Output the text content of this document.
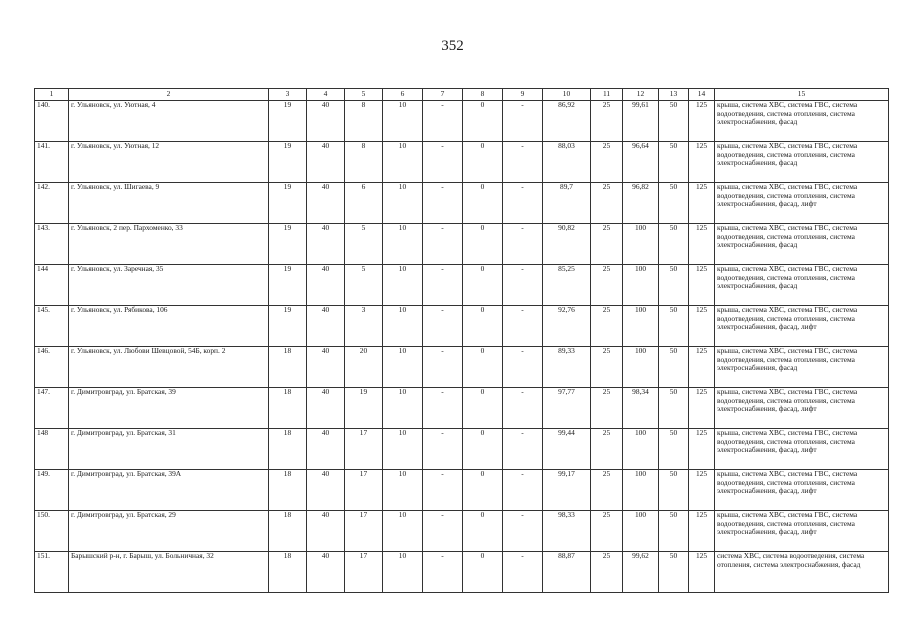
352
1	2	3	4	5	6	7	8	9	10	11	12	13	14	15
140.	г. Ульяновск, ул. Уютная, 4	19	40	8	10	-	0	-	86,92	25	99,61	50	125	крыша, система ХВС, система ГВС, система водоотведения, система отопления, система электроснабжения, фасад
141.	г. Ульяновск, ул. Уютная, 12	19	40	8	10	-	0	-	88,03	25	96,64	50	125	крыша, система ХВС, система ГВС, система водоотведения, система отопления, система электроснабжения, фасад
142.	г. Ульяновск, ул. Шигаева, 9	19	40	6	10	-	0	-	89,7	25	96,82	50	125	крыша, система ХВС, система ГВС, система водоотведения, система отопления, система электроснабжения, фасад, лифт
143.	г. Ульяновск, 2 пер. Пархоменко, 33	19	40	5	10	-	0	-	90,82	25	100	50	125	крыша, система ХВС, система ГВС, система водоотведения, система отопления, система электроснабжения, фасад
144	г. Ульяновск, ул. Заречная, 35	19	40	5	10	-	0	-	85,25	25	100	50	125	крыша, система ХВС, система ГВС, система водоотведения, система отопления, система электроснабжения, фасад
145.	г. Ульяновск, ул. Рябикова, 106	19	40	3	10	-	0	-	92,76	25	100	50	125	крыша, система ХВС, система ГВС, система водоотведения, система отопления, система электроснабжения, фасад, лифт
146.	г. Ульяновск, ул. Любови Шевцовой, 54Б, корп. 2	18	40	20	10	-	0	-	89,33	25	100	50	125	крыша, система ХВС, система ГВС, система водоотведения, система отопления, система электроснабжения, фасад
147.	г. Димитровград, ул. Братская, 39	18	40	19	10	-	0	-	97,77	25	98,34	50	125	крыша, система ХВС, система ГВС, система водоотведения, система отопления, система электроснабжения, фасад, лифт
148	г. Димитровград, ул. Братская, 31	18	40	17	10	-	0	-	99,44	25	100	50	125	крыша, система ХВС, система ГВС, система водоотведения, система отопления, система электроснабжения, фасад, лифт
149.	г. Димитровград, ул. Братская, 39А	18	40	17	10	-	0	-	99,17	25	100	50	125	крыша, система ХВС, система ГВС, система водоотведения, система отопления, система электроснабжения, фасад, лифт
150.	г. Димитровград, ул. Братская, 29	18	40	17	10	-	0	-	98,33	25	100	50	125	крыша, система ХВС, система ГВС, система водоотведения, система отопления, система электроснабжения, фасад, лифт
151.	Барышский р-н, г. Барыш, ул. Больничная, 32	18	40	17	10	-	0	-	88,87	25	99,62	50	125	система ХВС, система водоотведения, система отопления, система электроснабжения, фасад
